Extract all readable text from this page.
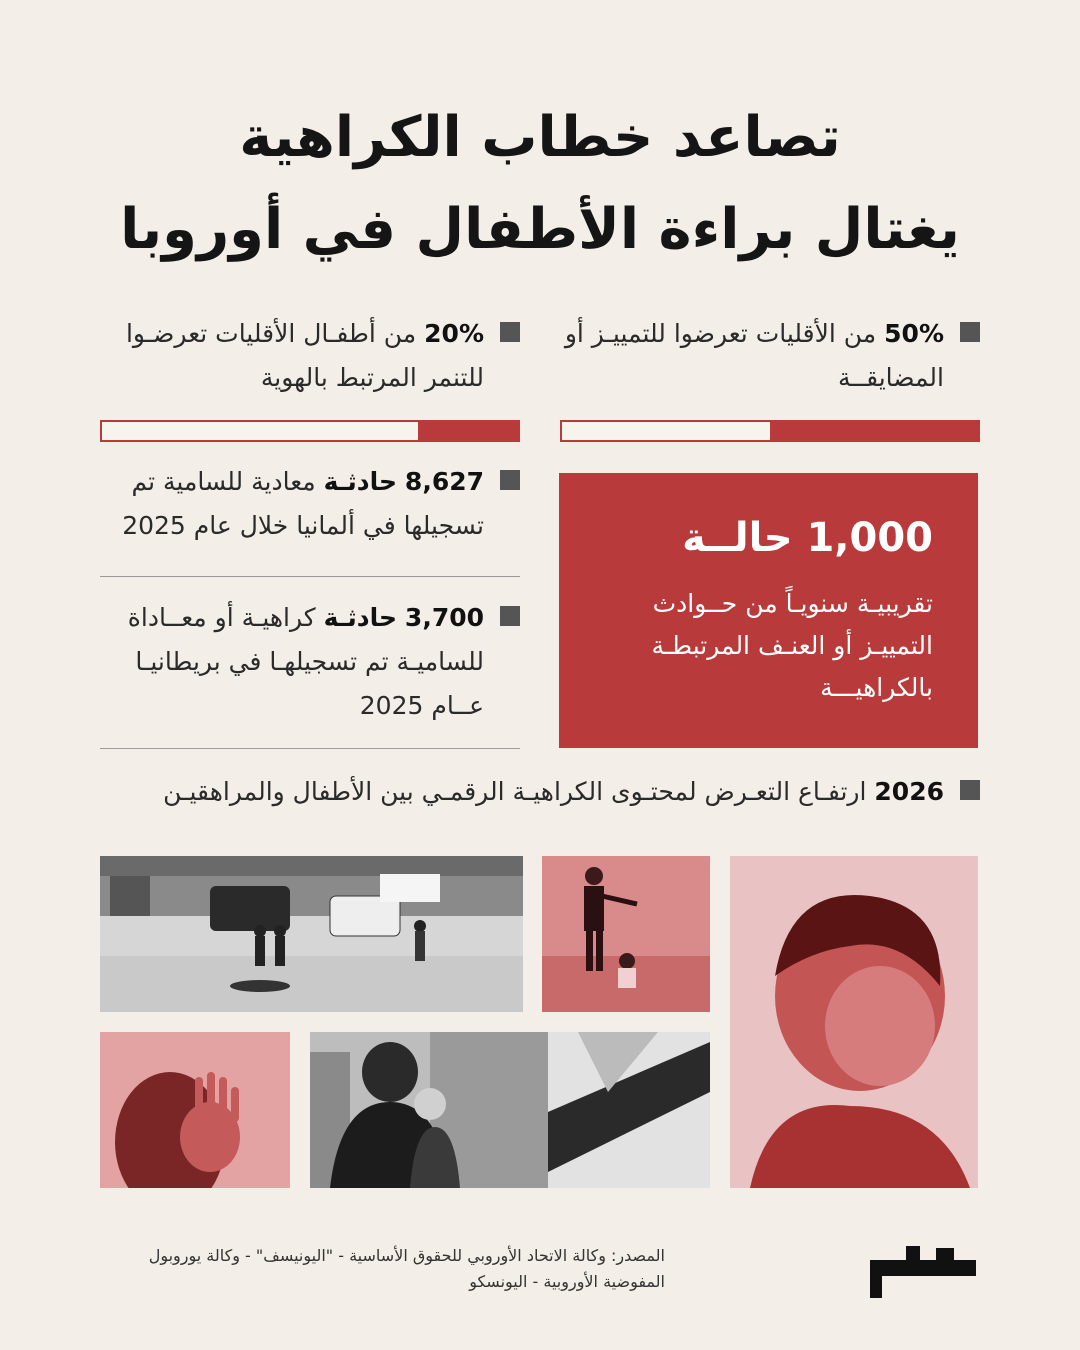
تصاعد خطاب الكراهية
يغتال براءة الأطفال في أوروبا
50% من الأقليات تعرضوا للتمييـز أو المضايقــة
20% من أطفـال الأقليات تعرضـوا للتنمر المرتبط بالهوية
8,627 حادثـة معادية للسامية تم تسجيلها في ألمانيا خلال عام 2025
3,700 حادثـة كراهيـة أو معــاداة للساميـة تم تسجيلهـا في بريطانيـا عــام 2025
1,000 حالــة
تقريبيـة سنويـاً من حــوادث التمييـز أو العنـف المرتبطـة بالكراهيـــة
2026 ارتفـاع التعـرض لمحتـوى الكراهيـة الرقمـي بين الأطفال والمراهقيـن
المصدر: وكالة الاتحاد الأوروبي للحقوق الأساسية - "اليونيسف" - وكالة يوروبول المفوضية الأوروبية - اليونسكو
